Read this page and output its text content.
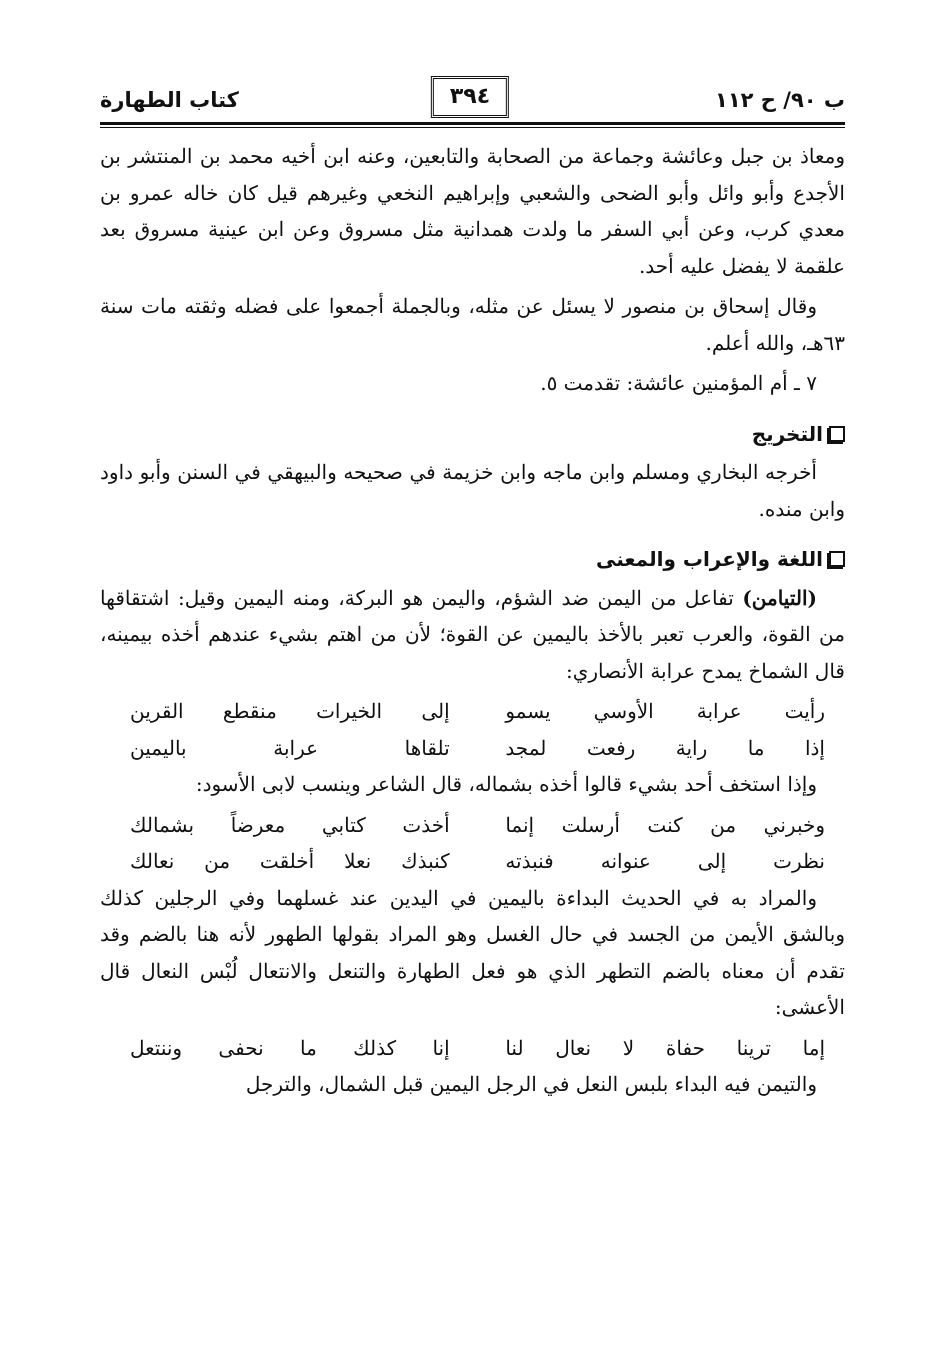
ب ٩٠/ ح ١١٢
كتاب الطهارة	٣٩٤

ومعاذ بن جبل وعائشة وجماعة من الصحابة والتابعين، وعنه ابن أخيه محمد بن المنتشر بن الأجدع وأبو وائل وأبو الضحى والشعبي وإبراهيم النخعي وغيرهم قيل كان خاله عمرو بن معدي كرب، وعن أبي السفر ما ولدت همدانية مثل مسروق وعن ابن عينية مسروق بعد علقمة لا يفضل عليه أحد.

وقال إسحاق بن منصور لا يسئل عن مثله، وبالجملة أجمعوا على فضله وثقته مات سنة ٦٣هـ، والله أعلم.

٧ ـ أم المؤمنين عائشة: تقدمت ٥.

التخريج

أخرجه البخاري ومسلم وابن ماجه وابن خزيمة في صحيحه والبيهقي في السنن وأبو داود وابن منده.

اللغة والإعراب والمعنى

(التيامن) تفاعل من اليمن ضد الشؤم، واليمن هو البركة، ومنه اليمين وقيل: اشتقاقها من القوة، والعرب تعبر بالأخذ باليمين عن القوة؛ لأن من اهتم بشيء عندهم أخذه بيمينه، قال الشماخ يمدح عرابة الأنصاري:

رأيت عرابة الأوسي يسمو
إلى الخيرات منقطع القرين
إذا ما راية رفعت لمجد
تلقاها عرابة باليمين

وإذا استخف أحد بشيء قالوا أخذه بشماله، قال الشاعر وينسب لابى الأسود:

وخبرني من كنت أرسلت إنما
أخذت كتابي معرضاً بشمالك
نظرت إلى عنوانه فنبذته
كنبذك نعلا أخلقت من نعالك

والمراد به في الحديث البداءة باليمين في اليدين عند غسلهما وفي الرجلين كذلك وبالشق الأيمن من الجسد في حال الغسل وهو المراد بقولها الطهور لأنه هنا بالضم وقد تقدم أن معناه بالضم التطهر الذي هو فعل الطهارة والتنعل والانتعال لُبْس النعال قال الأعشى:

إما ترينا حفاة لا نعال لنا
إنا كذلك ما نحفى وننتعل

والتيمن فيه البداء بلبس النعل في الرجل اليمين قبل الشمال، والترجل
